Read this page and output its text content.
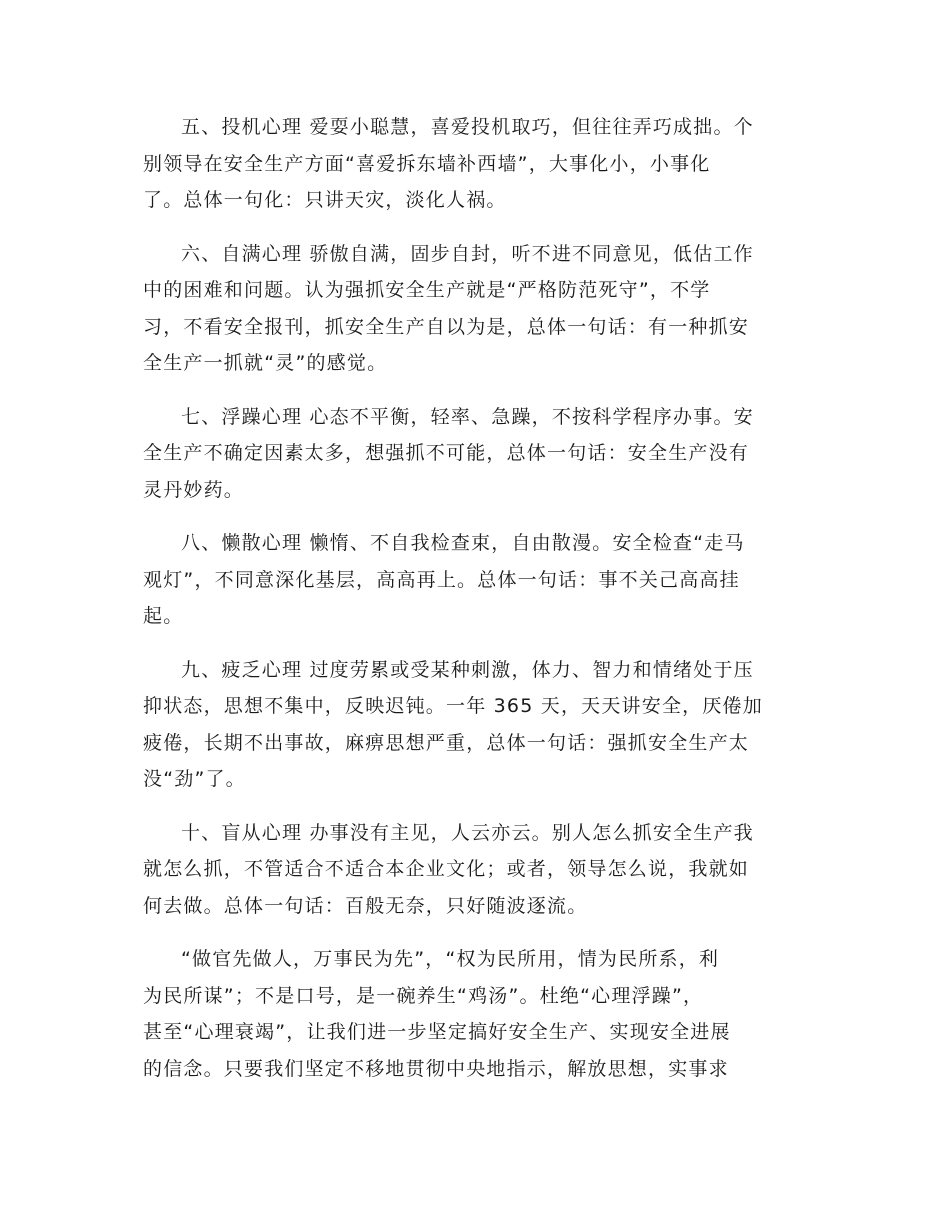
五、投机心理 爱耍小聪慧，喜爱投机取巧，但往往弄巧成拙。个
别领导在安全生产方面“喜爱拆东墙补西墙”，大事化小，小事化
了。总体一句化：只讲天灾，淡化人祸。
六、自满心理 骄傲自满，固步自封，听不进不同意见，低估工作
中的困难和问题。认为强抓安全生产就是“严格防范死守”，不学
习，不看安全报刊，抓安全生产自以为是，总体一句话：有一种抓安
全生产一抓就“灵”的感觉。
七、浮躁心理 心态不平衡，轻率、急躁，不按科学程序办事。安
全生产不确定因素太多，想强抓不可能，总体一句话：安全生产没有
灵丹妙药。
八、懒散心理 懒惰、不自我检查束，自由散漫。安全检查“走马
观灯”，不同意深化基层，高高再上。总体一句话：事不关己高高挂
起。
九、疲乏心理 过度劳累或受某种刺激，体力、智力和情绪处于压
抑状态，思想不集中，反映迟钝。一年 365 天，天天讲安全，厌倦加
疲倦，长期不出事故，麻痹思想严重，总体一句话：强抓安全生产太
没“劲”了。
十、盲从心理 办事没有主见，人云亦云。别人怎么抓安全生产我
就怎么抓，不管适合不适合本企业文化；或者，领导怎么说，我就如
何去做。总体一句话：百般无奈，只好随波逐流。
“做官先做人，万事民为先”，“权为民所用，情为民所系，利
为民所谋”；不是口号，是一碗养生“鸡汤”。杜绝“心理浮躁”，
甚至“心理衰竭”，让我们进一步坚定搞好安全生产、实现安全进展
的信念。只要我们坚定不移地贯彻中央地指示，解放思想，实事求
